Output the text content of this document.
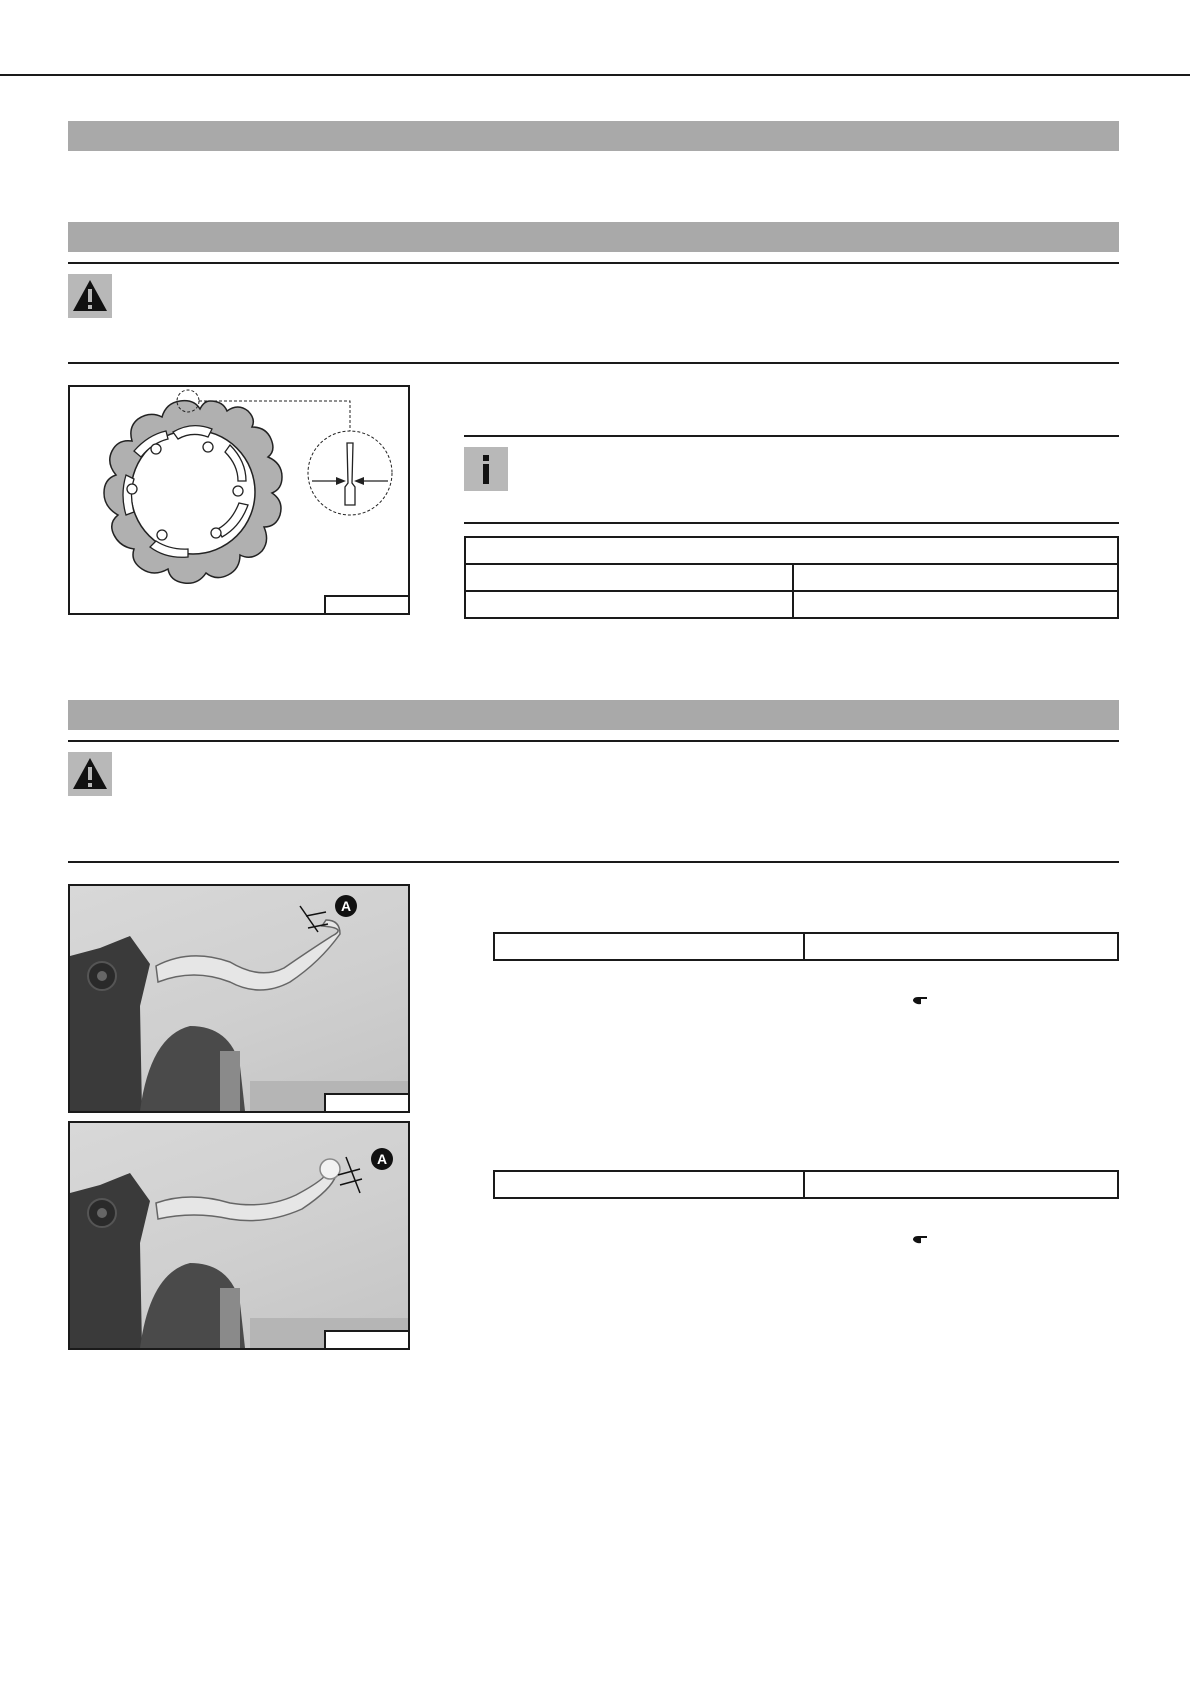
A

A
